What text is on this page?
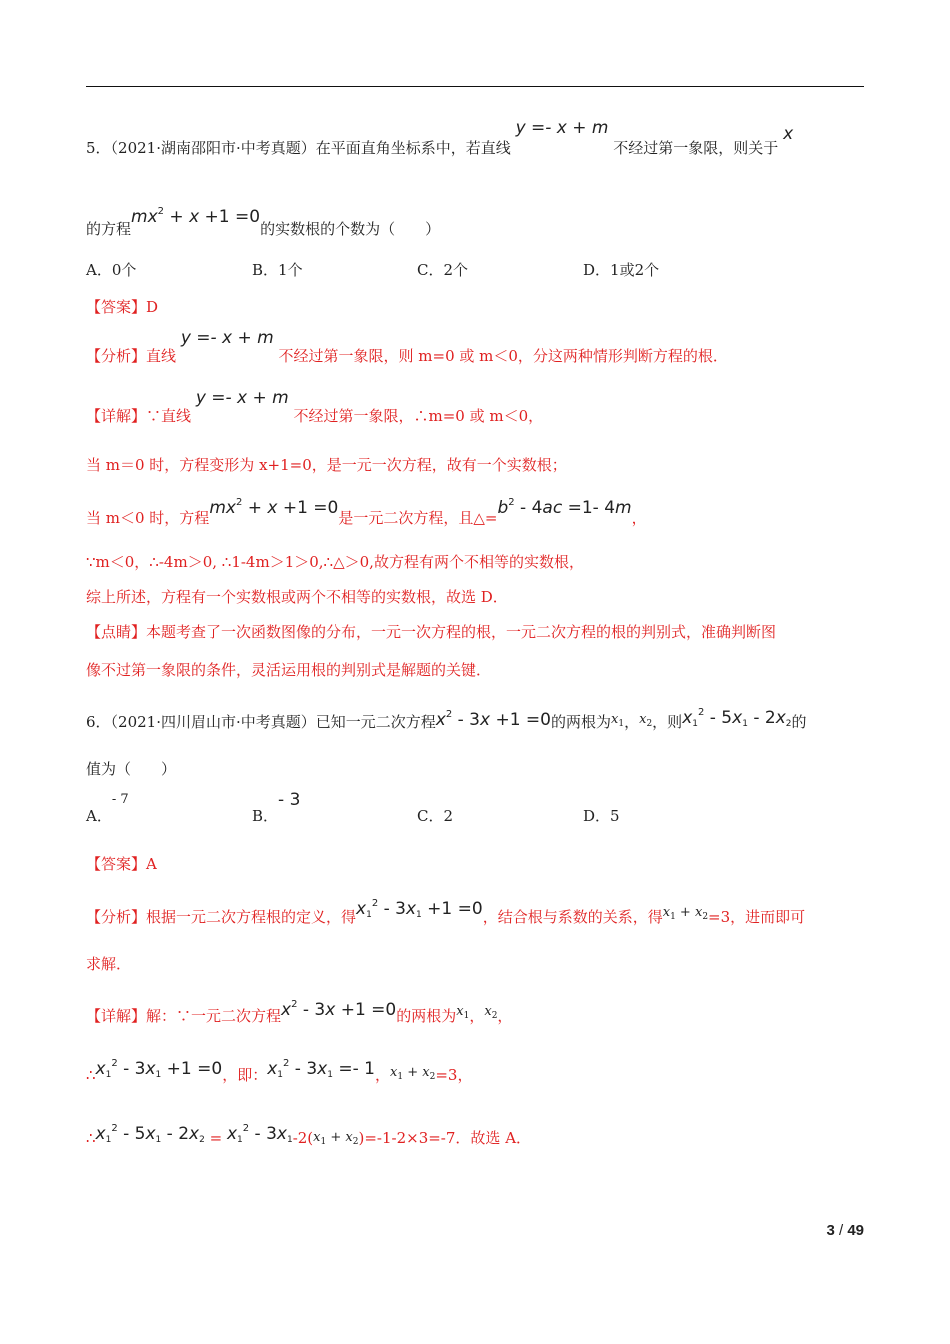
5．（2021·湖南邵阳市·中考真题）在平面直角坐标系中，若直线 y =- x + m 不经过第一象限，则关于 x
的方程$mx^2 + x +1 =0$的实数根的个数为（　　）
A．0个	B．1个	C．2个	D．1或2个
【答案】D
【分析】直线 y =- x + m 不经过第一象限，则 m=0 或 m＜0，分这两种情形判断方程的根．
【详解】∵直线 y =- x + m 不经过第一象限，∴m=0 或 m＜0，
当 m＝0 时，方程变形为 x+1=0，是一元一次方程，故有一个实数根；
当 m＜0 时，方程$mx^2 + x +1 =0$是一元二次方程，且$\triangle=b^2 - 4ac =1-$ 4m，
∵m＜0，∴-4m＞0, ∴1-4m＞1＞0,∴△＞0,故方程有两个不相等的实数根，
综上所述，方程有一个实数根或两个不相等的实数根，故选 D．
【点睛】本题考查了一次函数图像的分布，一元一次方程的根，一元二次方程的根的判别式，准确判断图
像不过第一象限的条件，灵活运用根的判别式是解题的关键．
6．（2021·四川眉山市·中考真题）已知一元二次方程$x^2 - 3x +1 =0$的两根为$x_1$，$x_2$，则$x_1^2 - 5x_1 - 2x_2$的
值为（　　）
A．- 7
B．- 3
C．2	D．5
【答案】A
【分析】根据一元二次方程根的定义，得$x_1^2 - 3x_1 +1 =0$，结合根与系数的关系，得$x_1 + x_2=3$，进而即可
求解．
【详解】解：∵一元二次方程$x^2 - 3x +1 =0$的两根为$x_1$，$x_2$，
$\therefore x_1^2 - 3x_1 +1 =0$，即：$x_1^2 - 3x_1 =- 1$，$x_1 + x_2=3$，
$\therefore x_1^2 - 5x_1 - 2x_2 = x_1^2 - 3x_1-2(x_1 + x_2)=-1-2\times 3=-7$．故选 A．
3 / 49
